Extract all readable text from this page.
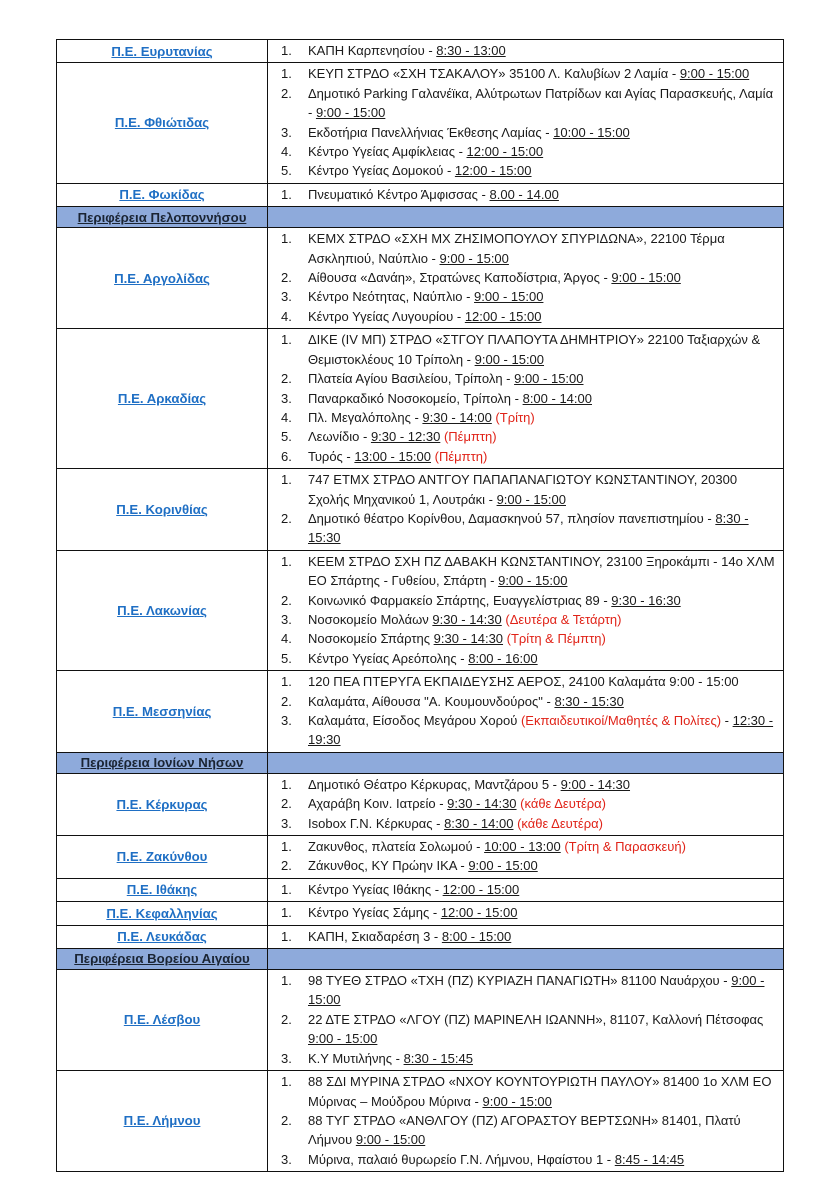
Π.Ε. Ευρυτανίας	1.	ΚΑΠΗ Καρπενησίου - 8:30 - 13:00
Π.Ε. Φθιώτιδας
1.	ΚΕΥΠ ΣΤΡΔΟ «ΣΧΗ ΤΣΑΚΑΛΟΥ» 35100 Λ. Καλυβίων 2 Λαμία - 9:00 - 15:00
2.	Δημοτικό Parking Γαλανέϊκα, Αλύτρωτων Πατρίδων και Αγίας Παρασκευής, Λαμία - 9:00 - 15:00
3.	Εκδοτήρια Πανελλήνιας Έκθεσης Λαμίας - 10:00 - 15:00
4.	Κέντρο Υγείας Αμφίκλειας - 12:00 - 15:00
5.	Κέντρο Υγείας Δομοκού - 12:00 - 15:00
Π.Ε. Φωκίδας	1.	Πνευματικό Κέντρο Άμφισσας - 8.00 - 14.00
Περιφέρεια Πελοποννήσου
Π.Ε. Αργολίδας
1.	ΚΕΜΧ ΣΤΡΔΟ «ΣΧΗ ΜΧ ΖΗΣΙΜΟΠΟΥΛΟΥ ΣΠΥΡΙΔΩΝΑ», 22100 Τέρμα Ασκληπιού, Ναύπλιο - 9:00 - 15:00
2.	Αίθουσα «Δανάη», Στρατώνες Καποδίστρια, Άργος - 9:00 - 15:00
3.	Κέντρο Νεότητας, Ναύπλιο - 9:00 - 15:00
4.	Κέντρο Υγείας Λυγουρίου - 12:00 - 15:00
Π.Ε. Αρκαδίας
1.	ΔΙΚΕ (IV ΜΠ) ΣΤΡΔΟ «ΣΤΓΟΥ ΠΛΑΠΟΥΤΑ ΔΗΜΗΤΡΙΟΥ» 22100 Ταξιαρχών & Θεμιστοκλέους 10 Τρίπολη - 9:00 - 15:00
2.	Πλατεία Αγίου Βασιλείου, Τρίπολη - 9:00 - 15:00
3.	Παναρκαδικό Νοσοκομείο, Τρίπολη - 8:00 - 14:00
4.	Πλ. Μεγαλόπολης - 9:30 - 14:00 (Τρίτη)
5.	Λεωνίδιο - 9:30 - 12:30 (Πέμπτη)
6.	Τυρός - 13:00 - 15:00 (Πέμπτη)
Π.Ε. Κορινθίας
1.	747 ΕΤΜΧ ΣΤΡΔΟ ΑΝΤΓΟΥ ΠΑΠΑΠΑΝΑΓΙΩΤΟΥ ΚΩΝΣΤΑΝΤΙΝΟΥ, 20300 Σχολής Μηχανικού 1, Λουτράκι - 9:00 - 15:00
2.	Δημοτικό θέατρο Κορίνθου, Δαμασκηνού 57, πλησίον πανεπιστημίου - 8:30 - 15:30
Π.Ε. Λακωνίας
1.	ΚΕΕΜ ΣΤΡΔΟ ΣΧΗ ΠΖ ΔΑΒΑΚΗ ΚΩΝΣΤΑΝΤΙΝΟΥ, 23100 Ξηροκάμπι - 14ο ΧΛΜ ΕΟ Σπάρτης - Γυθείου, Σπάρτη - 9:00 - 15:00
2.	Κοινωνικό Φαρμακείο Σπάρτης, Ευαγγελίστριας 89 - 9:30 - 16:30
3.	Νοσοκομείο Μολάων 9:30 - 14:30 (Δευτέρα & Τετάρτη)
4.	Νοσοκομείο Σπάρτης 9:30 - 14:30 (Τρίτη & Πέμπτη)
5.	Κέντρο Υγείας Αρεόπολης - 8:00 - 16:00
Π.Ε. Μεσσηνίας
1.	120 ΠΕΑ ΠΤΕΡΥΓΑ ΕΚΠΑΙΔΕΥΣΗΣ ΑΕΡΟΣ, 24100 Καλαμάτα 9:00 - 15:00
2.	Καλαμάτα, Αίθουσα "Α. Κουμουνδούρος" - 8:30 - 15:30
3.	Καλαμάτα, Είσοδος Μεγάρου Χορού (Εκπαιδευτικοί/Μαθητές & Πολίτες) - 12:30 - 19:30
Περιφέρεια Ιονίων Νήσων
Π.Ε. Κέρκυρας
1.	Δημοτικό Θέατρο Κέρκυρας, Μαντζάρου 5 - 9:00 - 14:30
2.	Αχαράβη Κοιν. Ιατρείο - 9:30 - 14:30 (κάθε Δευτέρα)
3.	Isobox Γ.Ν. Κέρκυρας - 8:30 - 14:00 (κάθε Δευτέρα)
Π.Ε. Ζακύνθου
1.	Ζακυνθος, πλατεία Σολωμού - 10:00 - 13:00 (Τρίτη & Παρασκευή)
2.	Ζάκυνθος, ΚΥ Πρώην ΙΚΑ - 9:00 - 15:00
Π.Ε. Ιθάκης	1.	Κέντρο Υγείας Ιθάκης - 12:00 - 15:00
Π.Ε. Κεφαλληνίας	1.	Κέντρο Υγείας Σάμης - 12:00 - 15:00
Π.Ε. Λευκάδας	1.	ΚΑΠΗ, Σκιαδαρέση 3 - 8:00 - 15:00
Περιφέρεια Βορείου Αιγαίου
Π.Ε. Λέσβου
1.	98 ΤΥΕΘ ΣΤΡΔΟ «ΤΧΗ (ΠΖ) ΚΥΡΙΑΖΗ ΠΑΝΑΓΙΩΤΗ» 81100 Ναυάρχου - 9:00 - 15:00
2.	22 ΔΤΕ ΣΤΡΔΟ «ΛΓΟΥ (ΠΖ) ΜΑΡΙΝΕΛΗ ΙΩΑΝΝΗ», 81107, Καλλονή Πέτσοφας 9:00 - 15:00
3.	Κ.Υ Μυτιλήνης - 8:30 - 15:45
Π.Ε. Λήμνου
1.	88 ΣΔΙ ΜΥΡΙΝΑ ΣΤΡΔΟ «ΝΧΟΥ ΚΟΥΝΤΟΥΡΙΩΤΗ ΠΑΥΛΟΥ» 81400 1ο ΧΛΜ ΕΟ Μύρινας – Μούδρου Μύρινα - 9:00 - 15:00
2.	88 ΤΥΓ ΣΤΡΔΟ «ΑΝΘΛΓΟΥ (ΠΖ) ΑΓΟΡΑΣΤΟΥ ΒΕΡΤΣΩΝΗ» 81401, Πλατύ Λήμνου 9:00 - 15:00
3.	Μύρινα, παλαιό θυρωρείο Γ.Ν. Λήμνου, Ηφαίστου 1 - 8:45 - 14:45
